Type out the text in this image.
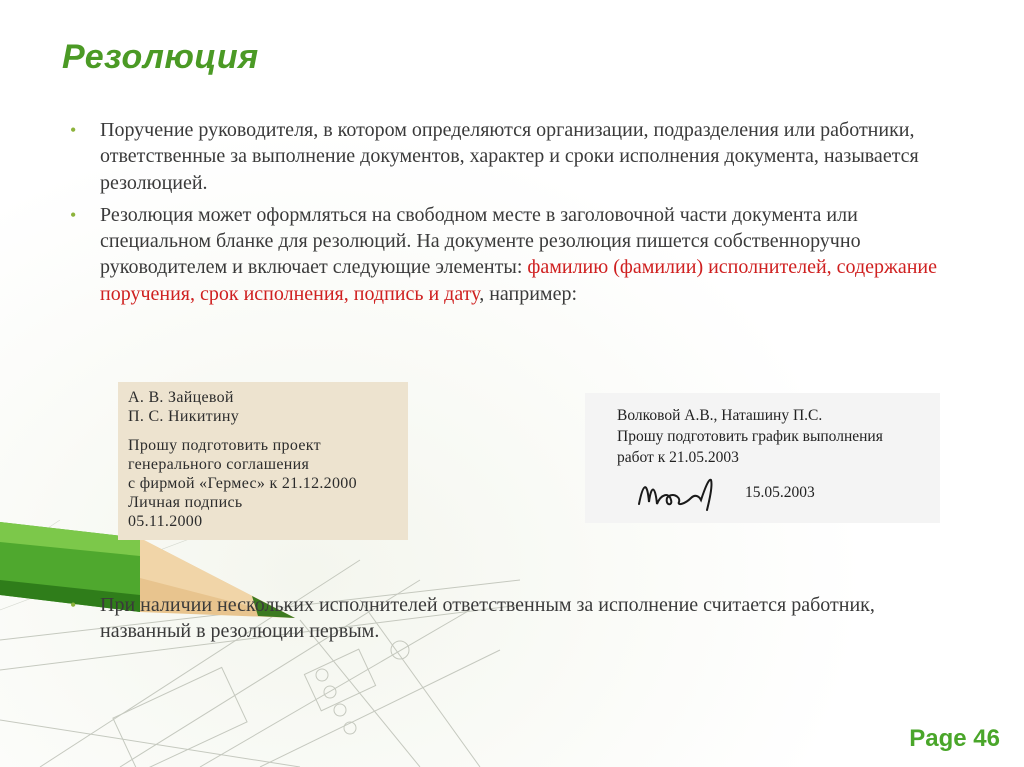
Резолюция
• Поручение руководителя, в котором определяются организации, подразделения или работники, ответственные за выполнение документов, характер и сроки исполнения документа, называется резолюцией.
• Резолюция может оформляться на свободном месте в заголовочной части документа или специальном бланке для резолюций. На документе резолюция пишется собственноручно руководителем и включает следующие элементы: фамилию (фамилии) исполнителей, содержание поручения, срок исполнения, подпись и дату, например:
А. В. Зайцевой
П. С. Никитину
Прошу подготовить проект
генерального соглашения
с фирмой «Гермес» к 21.12.2000
Личная подпись
05.11.2000
Волковой А.В., Наташину П.С.
Прошу подготовить график выполнения
работ к 21.05.2003
15.05.2003
• При наличии нескольких исполнителей ответственным за исполнение считается работник, названный в резолюции первым.
Page 46
